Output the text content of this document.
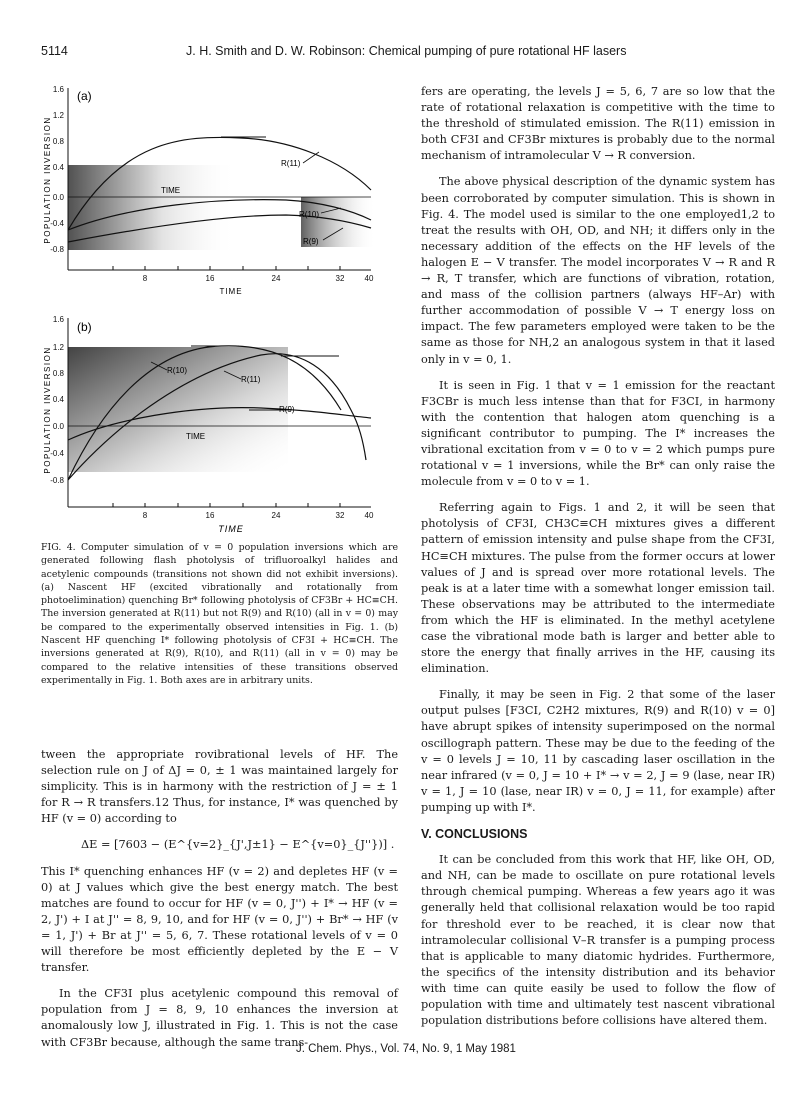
5114	J. H. Smith and D. W. Robinson: Chemical pumping of pure rotational HF lasers
1.6
1.2
0.8
0.4
0.0
-0.4
-0.8
POPULATION INVERSION
(a)
TIME
8	16	24	32	40
TIME
R(11)
R(10)
R(9)
1.6
1.2
0.8
0.4
0.0
-0.4
-0.8
POPULATION INVERSION
(b)
TIME
8	16	24	32	40
TIME
R(10)
R(11)
R(9)
FIG. 4. Computer simulation of v = 0 population inversions which are generated following flash photolysis of trifluoroalkyl halides and acetylenic compounds (transitions not shown did not exhibit inversions). (a) Nascent HF (excited vibrationally and rotationally from photoelimination) quenching Br* following photolysis of CF3Br + HC≡CH. The inversion generated at R(11) but not R(9) and R(10) (all in v = 0) may be compared to the experimentally observed intensities in Fig. 1. (b) Nascent HF quenching I* following photolysis of CF3I + HC≡CH. The inversions generated at R(9), R(10), and R(11) (all in v = 0) may be compared to the relative intensities of these transitions observed experimentally in Fig. 1. Both axes are in arbitrary units.

tween the appropriate rovibrational levels of HF. The selection rule on J of ΔJ = 0, ± 1 was maintained largely for simplicity. This is in harmony with the restriction of J = ± 1 for R → R transfers.12 Thus, for instance, I* was quenched by HF (v = 0) according to

ΔE = [7603 − (E^{v=2}_{J',J±1} − E^{v=0}_{J''})] .

This I* quenching enhances HF (v = 2) and depletes HF (v = 0) at J values which give the best energy match. The best matches are found to occur for HF (v = 0, J'') + I* → HF (v = 2, J') + I at J'' = 8, 9, 10, and for HF (v = 0, J'') + Br* → HF (v = 1, J') + Br at J'' = 5, 6, 7. These rotational levels of v = 0 will therefore be most efficiently depleted by the E − V transfer.

In the CF3I plus acetylenic compound this removal of population from J = 8, 9, 10 enhances the inversion at anomalously low J, illustrated in Fig. 1. This is not the case with CF3Br because, although the same trans-

fers are operating, the levels J = 5, 6, 7 are so low that the rate of rotational relaxation is competitive with the time to the threshold of stimulated emission. The R(11) emission in both CF3I and CF3Br mixtures is probably due to the normal mechanism of intramolecular V → R conversion.

The above physical description of the dynamic system has been corroborated by computer simulation. This is shown in Fig. 4. The model used is similar to the one employed1,2 to treat the results with OH, OD, and NH; it differs only in the necessary addition of the effects on the HF levels of the halogen E − V transfer. The model incorporates V → R and R → R, T transfer, which are functions of vibration, rotation, and mass of the collision partners (always HF–Ar) with further accommodation of possible V → T energy loss on impact. The few parameters employed were taken to be the same as those for NH,2 an analogous system in that it lased only in v = 0, 1.

It is seen in Fig. 1 that v = 1 emission for the reactant F3CBr is much less intense than that for F3CI, in harmony with the contention that halogen atom quenching is a significant contributor to pumping. The I* increases the vibrational excitation from v = 0 to v = 2 which pumps pure rotational v = 1 inversions, while the Br* can only raise the molecule from v = 0 to v = 1.

Referring again to Figs. 1 and 2, it will be seen that photolysis of CF3I, CH3C≡CH mixtures gives a different pattern of emission intensity and pulse shape from the CF3I, HC≡CH mixtures. The pulse from the former occurs at lower values of J and is spread over more rotational levels. The peak is at a later time with a somewhat longer emission tail. These observations may be attributed to the intermediate from which the HF is eliminated. In the methyl acetylene case the vibrational mode bath is larger and better able to store the energy that finally arrives in the HF, causing its elimination.

Finally, it may be seen in Fig. 2 that some of the laser output pulses [F3CI, C2H2 mixtures, R(9) and R(10) v = 0] have abrupt spikes of intensity superimposed on the normal oscillograph pattern. These may be due to the feeding of the v = 0 levels J = 10, 11 by cascading laser oscillation in the near infrared (v = 0, J = 10 + I* → v = 2, J = 9 (lase, near IR) v = 1, J = 10 (lase, near IR) v = 0, J = 11, for example) after pumping up with I*.

V. CONCLUSIONS

It can be concluded from this work that HF, like OH, OD, and NH, can be made to oscillate on pure rotational levels through chemical pumping. Whereas a few years ago it was generally held that collisional relaxation would be too rapid for threshold ever to be reached, it is clear now that intramolecular collisional V–R transfer is a pumping process that is applicable to many diatomic hydrides. Furthermore, the specifics of the intensity distribution and its behavior with time can quite easily be used to follow the flow of population with time and ultimately test nascent vibrational population distributions before collisions have altered them.

J. Chem. Phys., Vol. 74, No. 9, 1 May 1981
